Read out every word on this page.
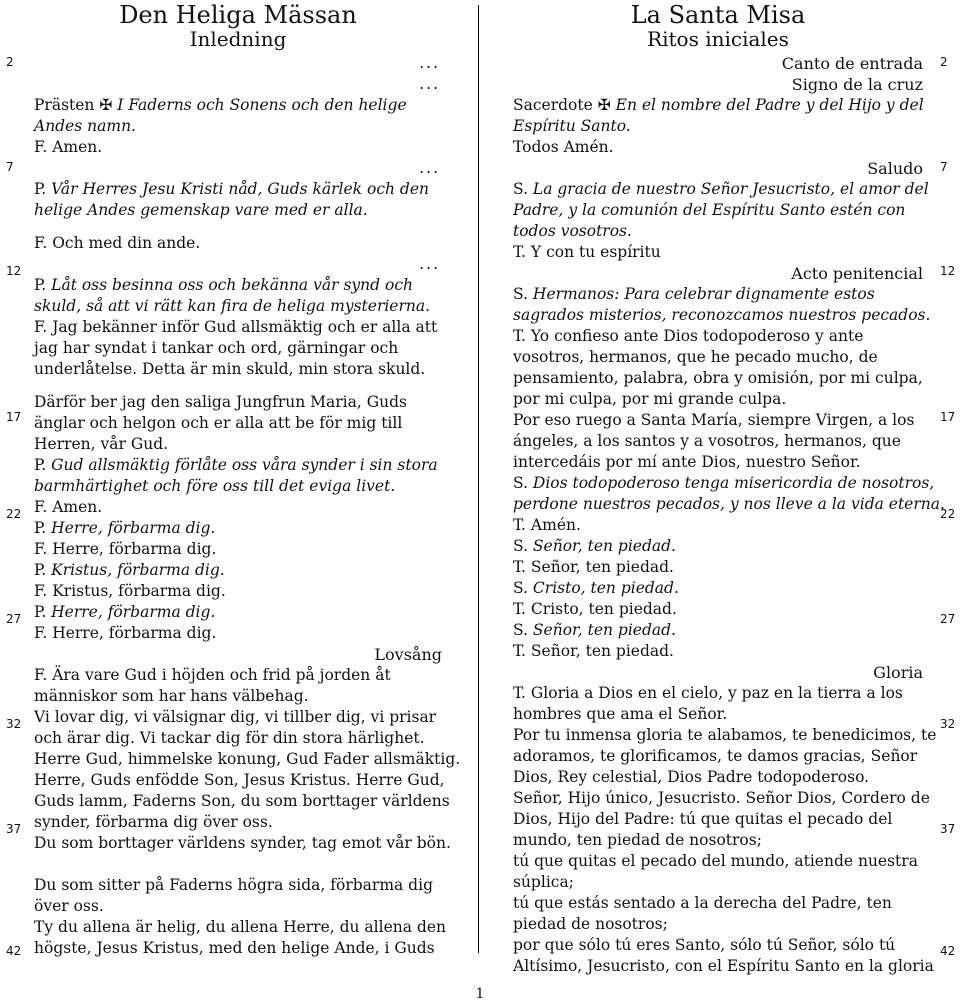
Den Heliga Mässan
Inledning
...
...
Prästen ✠ I Faderns och Sonens och den helige
Andes namn.
F. Amen.
...
P. Vår Herres Jesu Kristi nåd, Guds kärlek och den
helige Andes gemenskap vare med er alla.
F. Och med din ande.
...
P. Låt oss besinna oss och bekänna vår synd och
skuld, så att vi rätt kan fira de heliga mysterierna.
F. Jag bekänner inför Gud allsmäktig och er alla att
jag har syndat i tankar och ord, gärningar och
underlåtelse. Detta är min skuld, min stora skuld.
Därför ber jag den saliga Jungfrun Maria, Guds
änglar och helgon och er alla att be för mig till
Herren, vår Gud.
P. Gud allsmäktig förlåte oss våra synder i sin stora
barmhärtighet och före oss till det eviga livet.
F. Amen.
P. Herre, förbarma dig.
F. Herre, förbarma dig.
P. Kristus, förbarma dig.
F. Kristus, förbarma dig.
P. Herre, förbarma dig.
F. Herre, förbarma dig.
Lovsång
F. Ära vare Gud i höjden och frid på jorden åt
människor som har hans välbehag.
Vi lovar dig, vi välsignar dig, vi tillber dig, vi prisar
och ärar dig. Vi tackar dig för din stora härlighet.
Herre Gud, himmelske konung, Gud Fader allsmäktig.
Herre, Guds enfödde Son, Jesus Kristus. Herre Gud,
Guds lamm, Faderns Son, du som borttager världens
synder, förbarma dig över oss.
Du som borttager världens synder, tag emot vår bön.
Du som sitter på Faderns högra sida, förbarma dig
över oss.
Ty du allena är helig, du allena Herre, du allena den
högste, Jesus Kristus, med den helige Ande, i Guds
La Santa Misa
Ritos iniciales
Canto de entrada
Signo de la cruz
Sacerdote ✠ En el nombre del Padre y del Hijo y del
Espíritu Santo.
Todos Amén.
Saludo
S. La gracia de nuestro Señor Jesucristo, el amor del
Padre, y la comunión del Espíritu Santo estén con
todos vosotros.
T. Y con tu espíritu
Acto penitencial
S. Hermanos: Para celebrar dignamente estos
sagrados misterios, reconozcamos nuestros pecados.
T. Yo confieso ante Dios todopoderoso y ante
vosotros, hermanos, que he pecado mucho, de
pensamiento, palabra, obra y omisión, por mi culpa,
por mi culpa, por mi grande culpa.
Por eso ruego a Santa María, siempre Virgen, a los
ángeles, a los santos y a vosotros, hermanos, que
intercedáis por mí ante Dios, nuestro Señor.
S. Dios todopoderoso tenga misericordia de nosotros,
perdone nuestros pecados, y nos lleve a la vida eterna.
T. Amén.
S. Señor, ten piedad.
T. Señor, ten piedad.
S. Cristo, ten piedad.
T. Cristo, ten piedad.
S. Señor, ten piedad.
T. Señor, ten piedad.
Gloria
T. Gloria a Dios en el cielo, y paz en la tierra a los
hombres que ama el Señor.
Por tu inmensa gloria te alabamos, te benedicimos, te
adoramos, te glorificamos, te damos gracias, Señor
Dios, Rey celestial, Dios Padre todopoderoso.
Señor, Hijo único, Jesucristo. Señor Dios, Cordero de
Dios, Hijo del Padre: tú que quitas el pecado del
mundo, ten piedad de nosotros;
tú que quitas el pecado del mundo, atiende nuestra
súplica;
tú que estás sentado a la derecha del Padre, ten
piedad de nosotros;
por que sólo tú eres Santo, sólo tú Señor, sólo tú
Altísimo, Jesucristo, con el Espíritu Santo en la gloria
2	2
7	7
12	12
17	17
22	22
27	27
32	32
37	37
42	42
1
